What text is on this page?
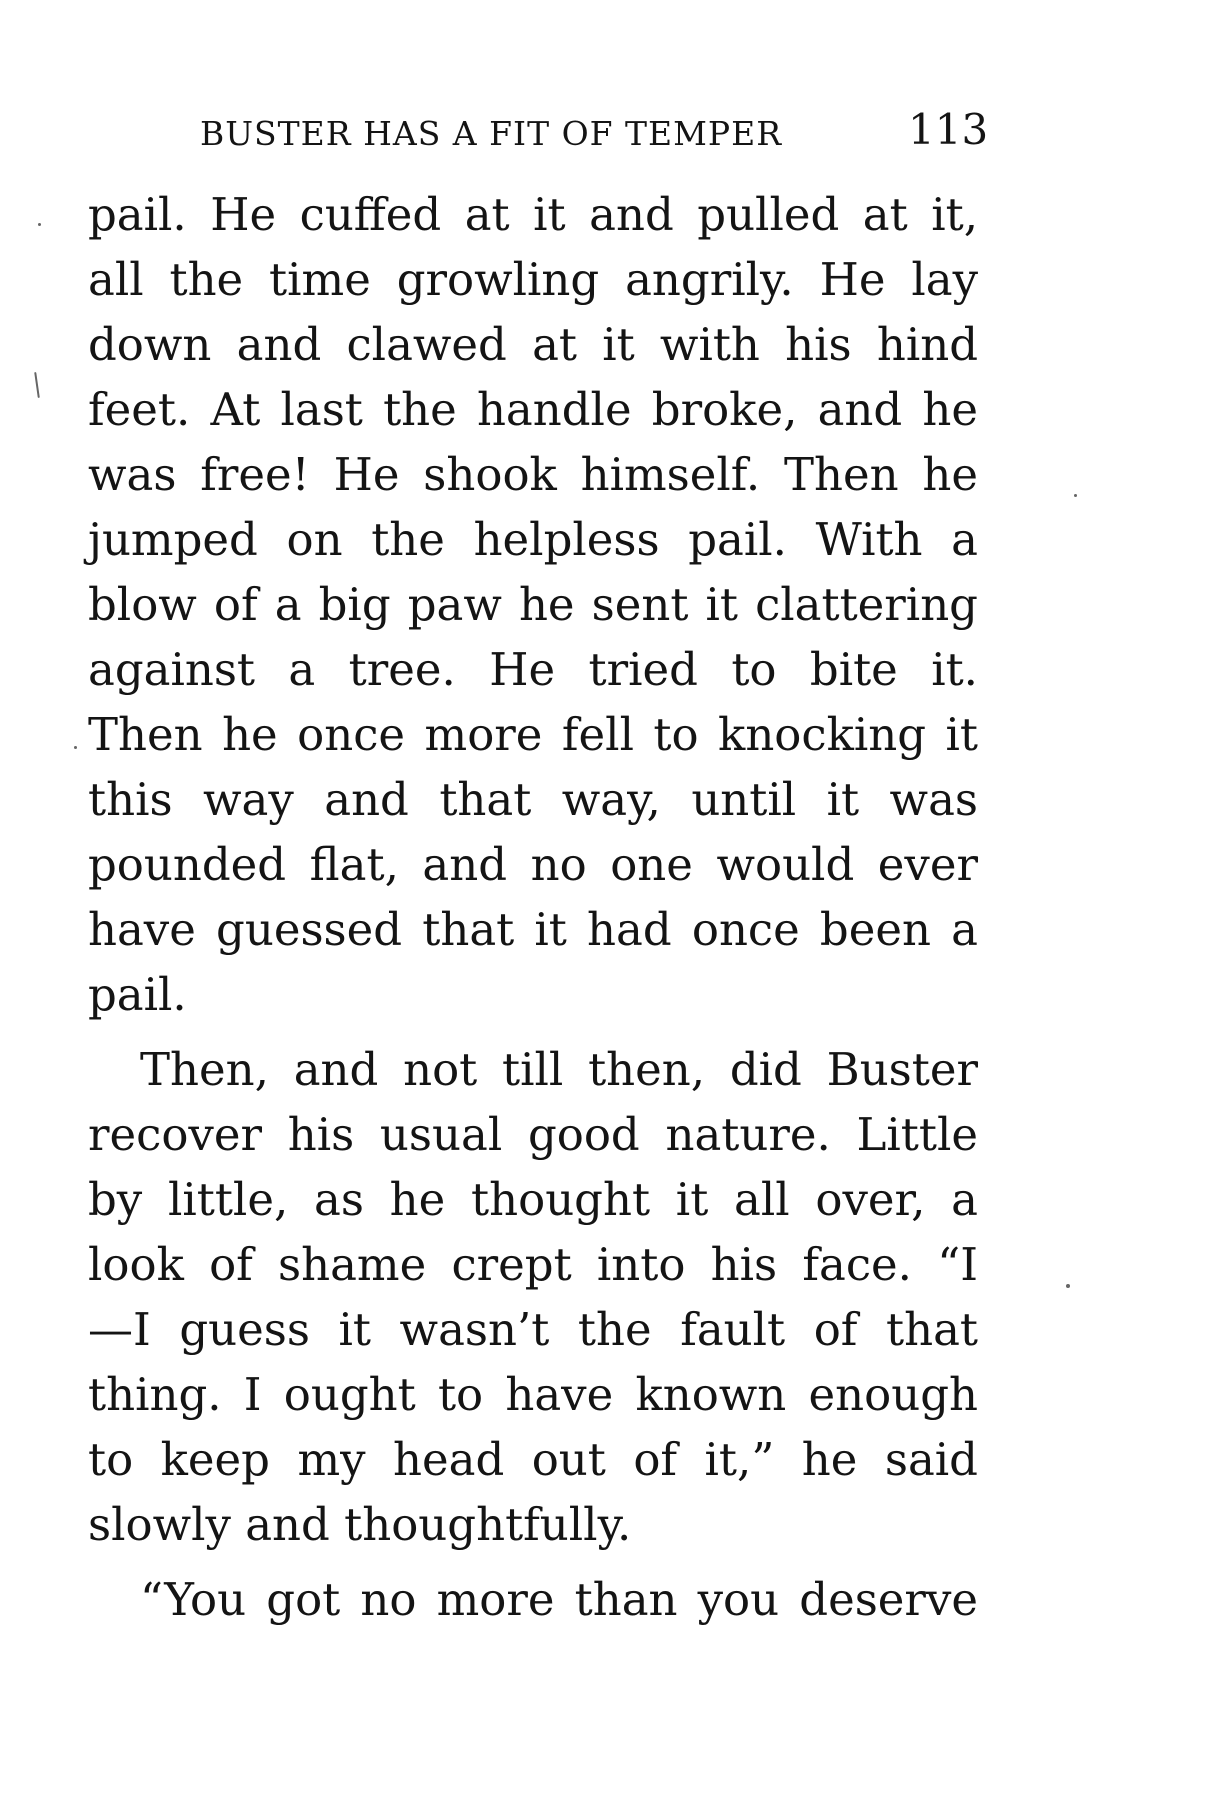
BUSTER HAS A FIT OF TEMPER	113
pail. He cuffed at it and pulled at it,
all the time growling angrily. He lay
down and clawed at it with his hind
feet. At last the handle broke, and he
was free! He shook himself. Then he
jumped on the helpless pail. With a
blow of a big paw he sent it clattering
against a tree. He tried to bite it.
Then he once more fell to knocking it
this way and that way, until it was
pounded flat, and no one would ever
have guessed that it had once been a
pail.
Then, and not till then, did Buster
recover his usual good nature. Little
by little, as he thought it all over, a
look of shame crept into his face. “I
—I guess it wasn’t the fault of that
thing. I ought to have known enough
to keep my head out of it,” he said
slowly and thoughtfully.
“You got no more than you deserve
